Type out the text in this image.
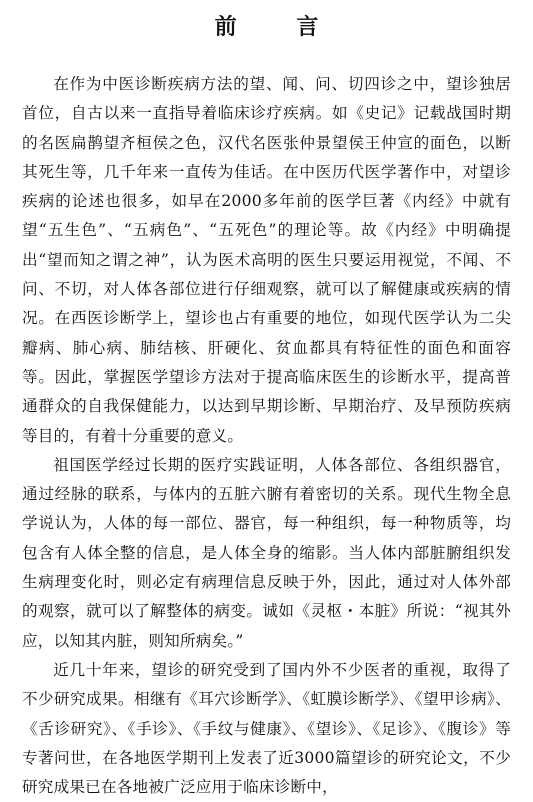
前 言

在作为中医诊断疾病方法的望、闻、问、切四诊之中，望诊独居首位，自古以来一直指导着临床诊疗疾病。如《史记》记载战国时期的名医扁鹊望齐桓侯之色，汉代名医张仲景望侯王仲宣的面色，以断其死生等，几千年来一直传为佳话。在中医历代医学著作中，对望诊疾病的论述也很多，如早在2000多年前的医学巨著《内经》中就有望“五生色”、“五病色”、“五死色”的理论等。故《内经》中明确提出“望而知之谓之神”，认为医术高明的医生只要运用视觉，不闻、不问、不切，对人体各部位进行仔细观察，就可以了解健康或疾病的情况。在西医诊断学上，望诊也占有重要的地位，如现代医学认为二尖瓣病、肺心病、肺结核、肝硬化、贫血都具有特征性的面色和面容等。因此，掌握医学望诊方法对于提高临床医生的诊断水平，提高普通群众的自我保健能力，以达到早期诊断、早期治疗、及早预防疾病等目的，有着十分重要的意义。

祖国医学经过长期的医疗实践证明，人体各部位、各组织器官，通过经脉的联系，与体内的五脏六腑有着密切的关系。现代生物全息学说认为，人体的每一部位、器官，每一种组织，每一种物质等，均包含有人体全整的信息，是人体全身的缩影。当人体内部脏腑组织发生病理变化时，则必定有病理信息反映于外，因此，通过对人体外部的观察，就可以了解整体的病变。诚如《灵枢・本脏》所说：“视其外应，以知其内脏，则知所病矣。”

近几十年来，望诊的研究受到了国内外不少医者的重视，取得了不少研究成果。相继有《耳穴诊断学》、《虹膜诊断学》、《望甲诊病》、《舌诊研究》、《手诊》、《手纹与健康》、《望诊》、《足诊》、《腹诊》等专著问世，在各地医学期刊上发表了近3000篇望诊的研究论文，不少研究成果已在各地被广泛应用于临床诊断中，
